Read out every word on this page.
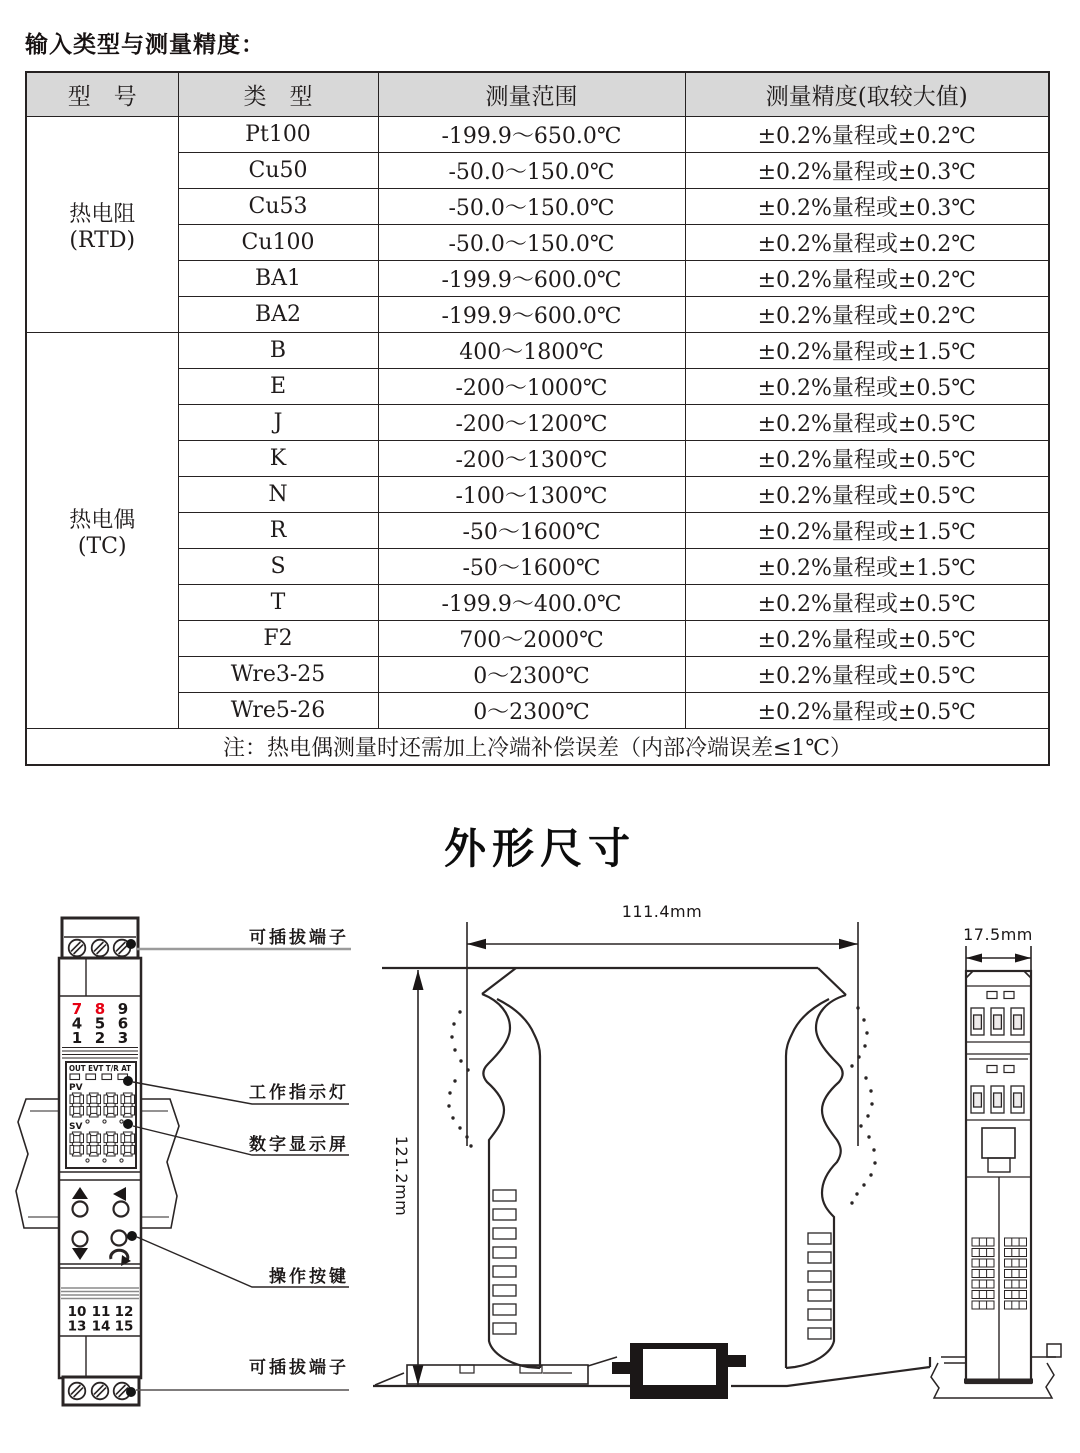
输入类型与测量精度：
型　号	类　型	测量范围	测量精度(取较大值)

热电阻
(RTD)	Pt100	-199.9～650.0℃	±0.2%量程或±0.2℃
	Cu50	-50.0～150.0℃	±0.2%量程或±0.3℃
	Cu53	-50.0～150.0℃	±0.2%量程或±0.3℃
	Cu100	-50.0～150.0℃	±0.2%量程或±0.2℃
	BA1	-199.9～600.0℃	±0.2%量程或±0.2℃
	BA2	-199.9～600.0℃	±0.2%量程或±0.2℃

热电偶
(TC)	B	400～1800℃	±0.2%量程或±1.5℃
	E	-200～1000℃	±0.2%量程或±0.5℃
	J	-200～1200℃	±0.2%量程或±0.5℃
	K	-200～1300℃	±0.2%量程或±0.5℃
	N	-100～1300℃	±0.2%量程或±0.5℃
	R	-50～1600℃	±0.2%量程或±1.5℃
	S	-50～1600℃	±0.2%量程或±1.5℃
	T	-199.9～400.0℃	±0.2%量程或±0.5℃
	F2	700～2000℃	±0.2%量程或±0.5℃
	Wre3-25	0～2300℃	±0.2%量程或±0.5℃
	Wre5-26	0～2300℃	±0.2%量程或±0.5℃
注：热电偶测量时还需加上冷端补偿误差（内部冷端误差≤1℃）			
外形尺寸
7 8 9
4 5 6
1 2 3
OUT EVT T/R AT
PV
SV
10 11 12
13 14 15
可插拔端子
工作指示灯
数字显示屏
操作按键
可插拔端子
111.4mm
121.2mm
17.5mm
